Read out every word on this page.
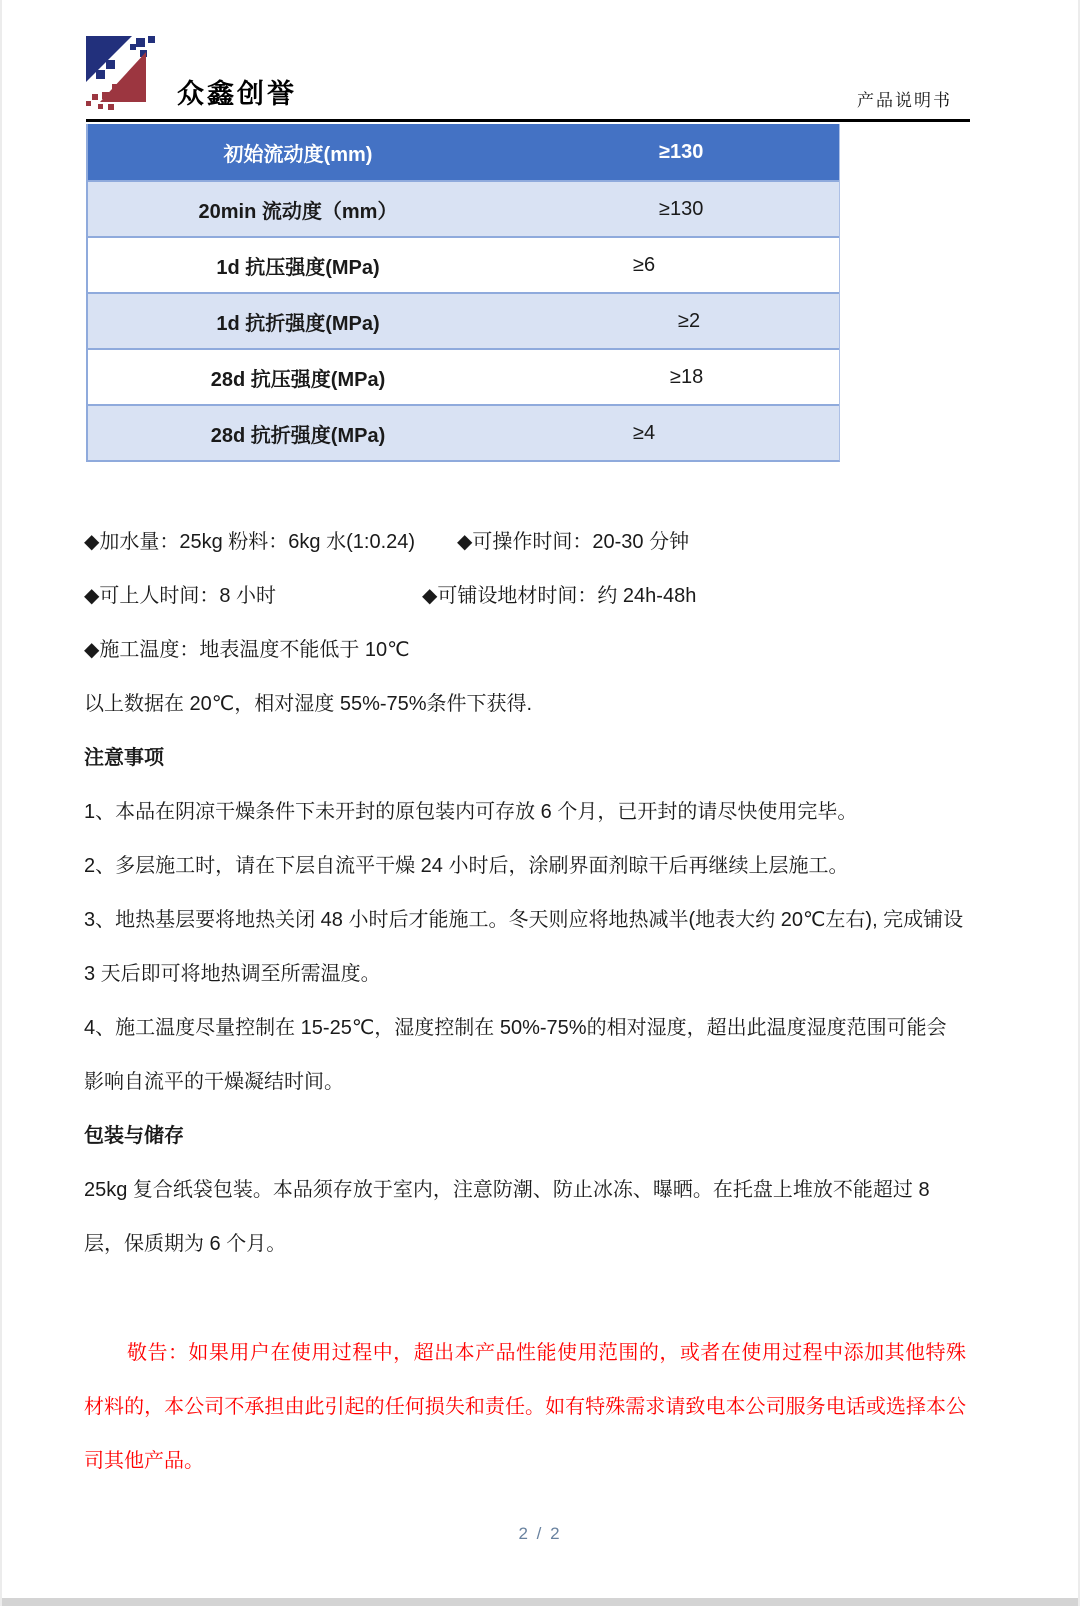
众鑫创誉	产品说明书
初始流动度(mm)	≥130
20min 流动度（mm）	≥130
1d 抗压强度(MPa)	≥6
1d 抗折强度(MPa)	≥2
28d 抗压强度(MPa)	≥18
28d 抗折强度(MPa)	≥4

◆加水量：25kg 粉料：6kg 水(1:0.24) ◆可操作时间：20-30 分钟

◆可上人时间：8 小时	◆可铺设地材时间：约 24h-48h

◆施工温度：地表温度不能低于 10℃

以上数据在 20℃，相对湿度 55%-75%条件下获得.

注意事项

1、本品在阴凉干燥条件下未开封的原包装内可存放 6 个月，已开封的请尽快使用完毕。

2、多层施工时，请在下层自流平干燥 24 小时后，涂刷界面剂晾干后再继续上层施工。

3、地热基层要将地热关闭 48 小时后才能施工。冬天则应将地热减半(地表大约 20℃左右), 完成铺设 3 天后即可将地热调至所需温度。

4、施工温度尽量控制在 15-25℃，湿度控制在 50%-75%的相对湿度，超出此温度湿度范围可能会影响自流平的干燥凝结时间。

包装与储存

25kg 复合纸袋包装。本品须存放于室内，注意防潮、防止冰冻、曝晒。在托盘上堆放不能超过 8 层，保质期为 6 个月。

敬告：如果用户在使用过程中，超出本产品性能使用范围的，或者在使用过程中添加其他特殊材料的，本公司不承担由此引起的任何损失和责任。如有特殊需求请致电本公司服务电话或选择本公司其他产品。

2 / 2
